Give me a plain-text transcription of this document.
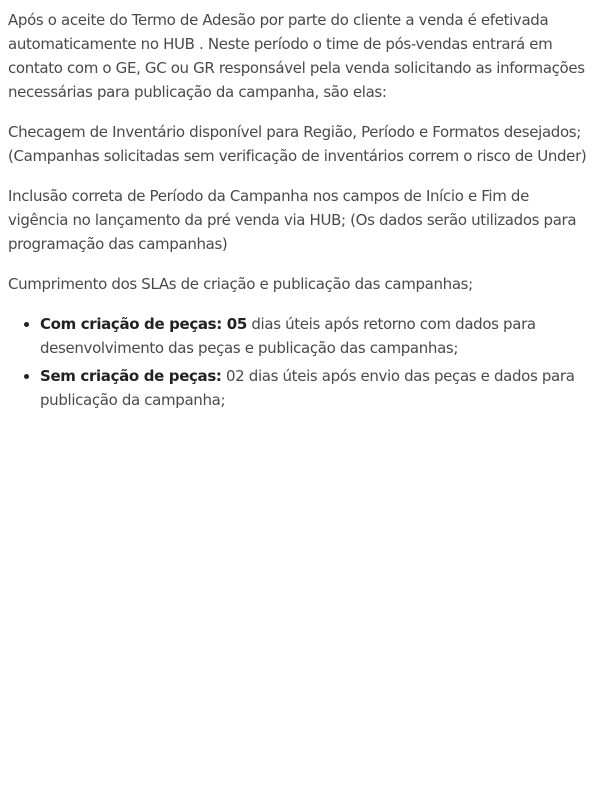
Após o aceite do Termo de Adesão por parte do cliente a venda é efetivada automaticamente no HUB . Neste período o time de pós-vendas entrará em contato com o GE, GC ou GR responsável pela venda solicitando as informações necessárias para publicação da campanha, são elas:

Checagem de Inventário disponível para Região, Período e Formatos desejados; (Campanhas solicitadas sem verificação de inventários correm o risco de Under)

Inclusão correta de Período da Campanha nos campos de Início e Fim de vigência no lançamento da pré venda via HUB; (Os dados serão utilizados para programação das campanhas)

Cumprimento dos SLAs de criação e publicação das campanhas;

• Com criação de peças: 05 dias úteis após retorno com dados para desenvolvimento das peças e publicação das campanhas;
• Sem criação de peças: 02 dias úteis após envio das peças e dados para publicação da campanha;
